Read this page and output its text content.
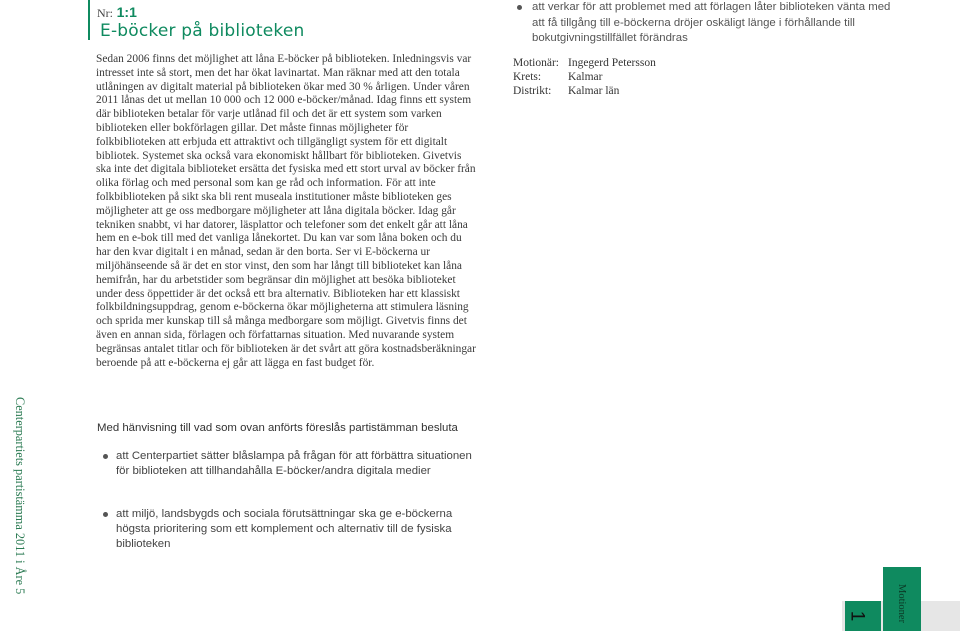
Nr: 1:1
E-böcker på biblioteken
Sedan 2006 finns det möjlighet att låna E-böcker på biblioteken. Inledningsvis var intresset inte så stort, men det har ökat lavinartat. Man räknar med att den totala utlåningen av digitalt material på biblioteken ökar med 30 % årligen. Under våren 2011 lånas det ut mellan 10 000 och 12 000 e-böcker/månad. Idag finns ett system där biblioteken betalar för varje utlånad fil och det är ett system som varken biblioteken eller bokförlagen gillar. Det måste finnas möjligheter för folkbiblioteken att erbjuda ett attraktivt och tillgängligt system för ett digitalt bibliotek. Systemet ska också vara ekonomiskt hållbart för biblioteken. Givetvis ska inte det digitala biblioteket ersätta det fysiska med ett stort urval av böcker från olika förlag och med personal som kan ge råd och information. För att inte folkbiblioteken på sikt ska bli rent museala institutioner måste biblioteken ges möjligheter att ge oss medborgare möjligheter att låna digitala böcker. Idag går tekniken snabbt, vi har datorer, läsplattor och telefoner som det enkelt går att låna hem en e-bok till med det vanliga lånekortet. Du kan var som låna boken och du har den kvar digitalt i en månad, sedan är den borta. Ser vi E-böckerna ur miljöhänseende så är det en stor vinst, den som har långt till biblioteket kan låna hemifrån, har du arbetstider som begränsar din möjlighet att besöka biblioteket under dess öppettider är det också ett bra alternativ. Biblioteken har ett klassiskt folkbildningsuppdrag, genom e-böckerna ökar möjligheterna att stimulera läsning och sprida mer kunskap till så många medborgare som möjligt. Givetvis finns det även en annan sida, förlagen och författarnas situation. Med nuvarande system begränsas antalet titlar och för biblioteken är det svårt att göra kostnadsberäkningar beroende på att e-böckerna ej går att lägga en fast budget för.
att verkar för att problemet med att förlagen låter biblioteken vänta med att få tillgång till e-böckerna dröjer oskäligt länge i förhållande till bokutgivningstillfället förändras
Motionär: Ingegerd Petersson
Krets:	Kalmar
Distrikt:	Kalmar län
Med hänvisning till vad som ovan anförts föreslås partistämman besluta
att Centerpartiet sätter blåslampa på frågan för att förbättra situationen för biblioteken att tillhandahålla E-böcker/andra digitala medier
att miljö, landsbygds och sociala förutsättningar ska ge e-böckerna högsta prioritering som ett komplement och alternativ till de fysiska biblioteken
Centerpartiets partistämma 2011 i Åre 5
1	Motioner
